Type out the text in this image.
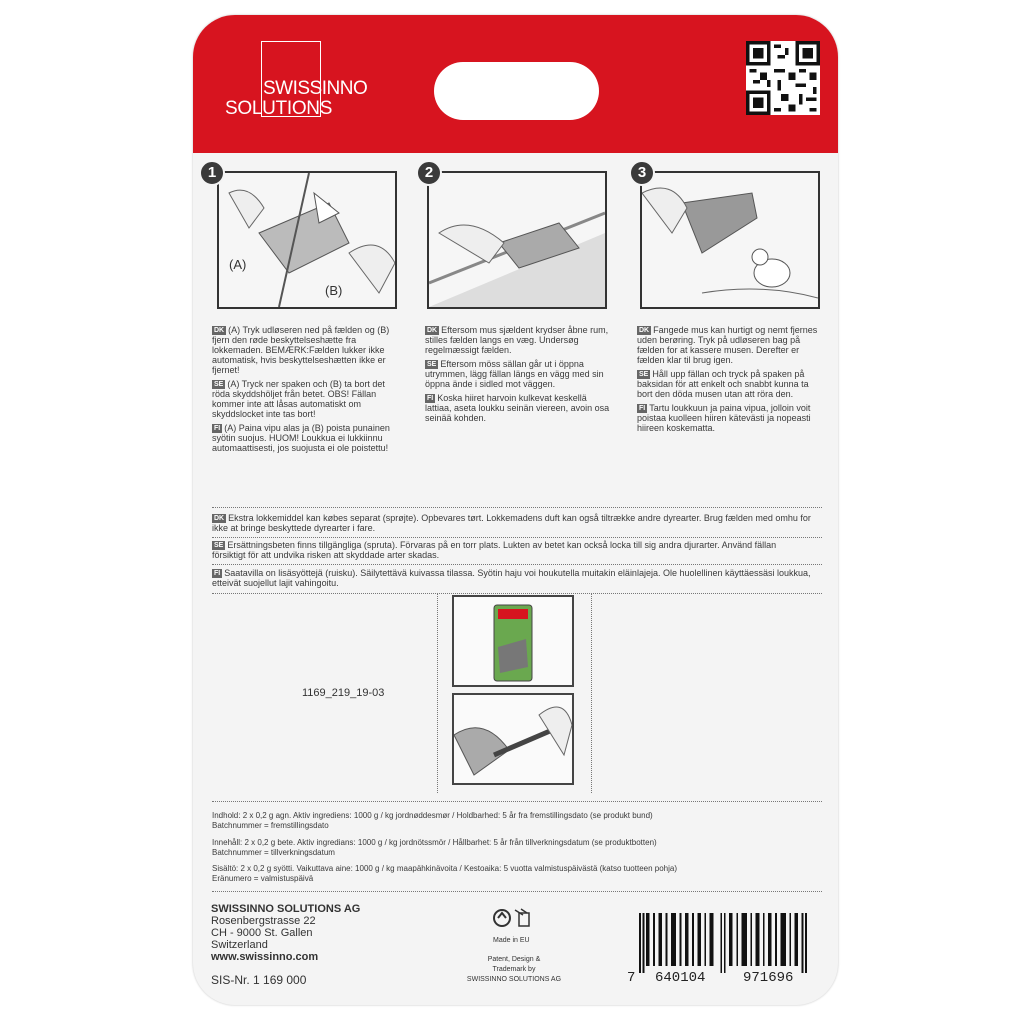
SWISSINNO
SOLUTIONS
(A)
(B)
1	2	3

DK (A) Tryk udløseren ned på fælden og (B) fjern den røde beskyttelseshætte fra lokkemaden. BEMÆRK:Fælden lukker ikke automatisk, hvis beskyttelseshætten ikke er fjernet!

SE (A) Tryck ner spaken och (B) ta bort det röda skyddshöljet från betet. OBS! Fällan kommer inte att låsas automatiskt om skyddslocket inte tas bort!

FI (A) Paina vipu alas ja (B) poista punainen syötin suojus. HUOM! Loukkua ei lukkiinnu automaattisesti, jos suojusta ei ole poistettu!

DK Eftersom mus sjældent krydser åbne rum, stilles fælden langs en væg. Undersøg regelmæssigt fælden.

SE Eftersom möss sällan går ut i öppna utrymmen, lägg fällan längs en vägg med sin öppna ände i sidled mot väggen.

FI Koska hiiret harvoin kulkevat keskellä lattiaa, aseta loukku seinän viereen, avoin osa seinää kohden.

DK Fangede mus kan hurtigt og nemt fjernes uden berøring. Tryk på udløseren bag på fælden for at kassere musen. Derefter er fælden klar til brug igen.

SE Håll upp fällan och tryck på spaken på baksidan för att enkelt och snabbt kunna ta bort den döda musen utan att röra den.

FI Tartu loukkuun ja paina vipua, jolloin voit poistaa kuolleen hiiren kätevästi ja nopeasti hiireen koskematta.

DK Ekstra lokkemiddel kan købes separat (sprøjte). Opbevares tørt. Lokkemadens duft kan også tiltrække andre dyrearter. Brug fælden med omhu for ikke at bringe beskyttede dyrearter i fare.
SE Ersättningsbeten finns tillgängliga (spruta). Förvaras på en torr plats. Lukten av betet kan också locka till sig andra djurarter. Använd fällan försiktigt för att undvika risken att skyddade arter skadas.
FI Saatavilla on lisäsyöttejä (ruisku). Säilytettävä kuivassa tilassa. Syötin haju voi houkutella muitakin eläinlajeja. Ole huolellinen käyttäessäsi loukkua, etteivät suojellut lajit vahingoitu.
1169_219_19-03
Indhold: 2 x 0,2 g agn. Aktiv ingrediens: 1000 g / kg jordnøddesmør / Holdbarhed: 5 år fra fremstillingsdato (se produkt bund)
Batchnummer = fremstillingsdato
Innehåll: 2 x 0,2 g bete. Aktiv ingredians: 1000 g / kg jordnötssmör / Hållbarhet: 5 år från tillverkningsdatum (se produktbotten)
Batchnummer = tillverkningsdatum
Sisältö: 2 x 0,2 g syötti. Vaikuttava aine: 1000 g / kg maapähkinävoita / Kestoaika: 5 vuotta valmistuspäivästä (katso tuotteen pohja)
Eränumero = valmistuspäivä
SWISSINNO SOLUTIONS AG
Rosenbergstrasse 22
CH - 9000 St. Gallen
Switzerland
www.swissinno.com
SIS-Nr. 1 169 000
Made in EU
Patent, Design &
Trademark by
SWISSINNO SOLUTIONS AG	7 640104	971696
